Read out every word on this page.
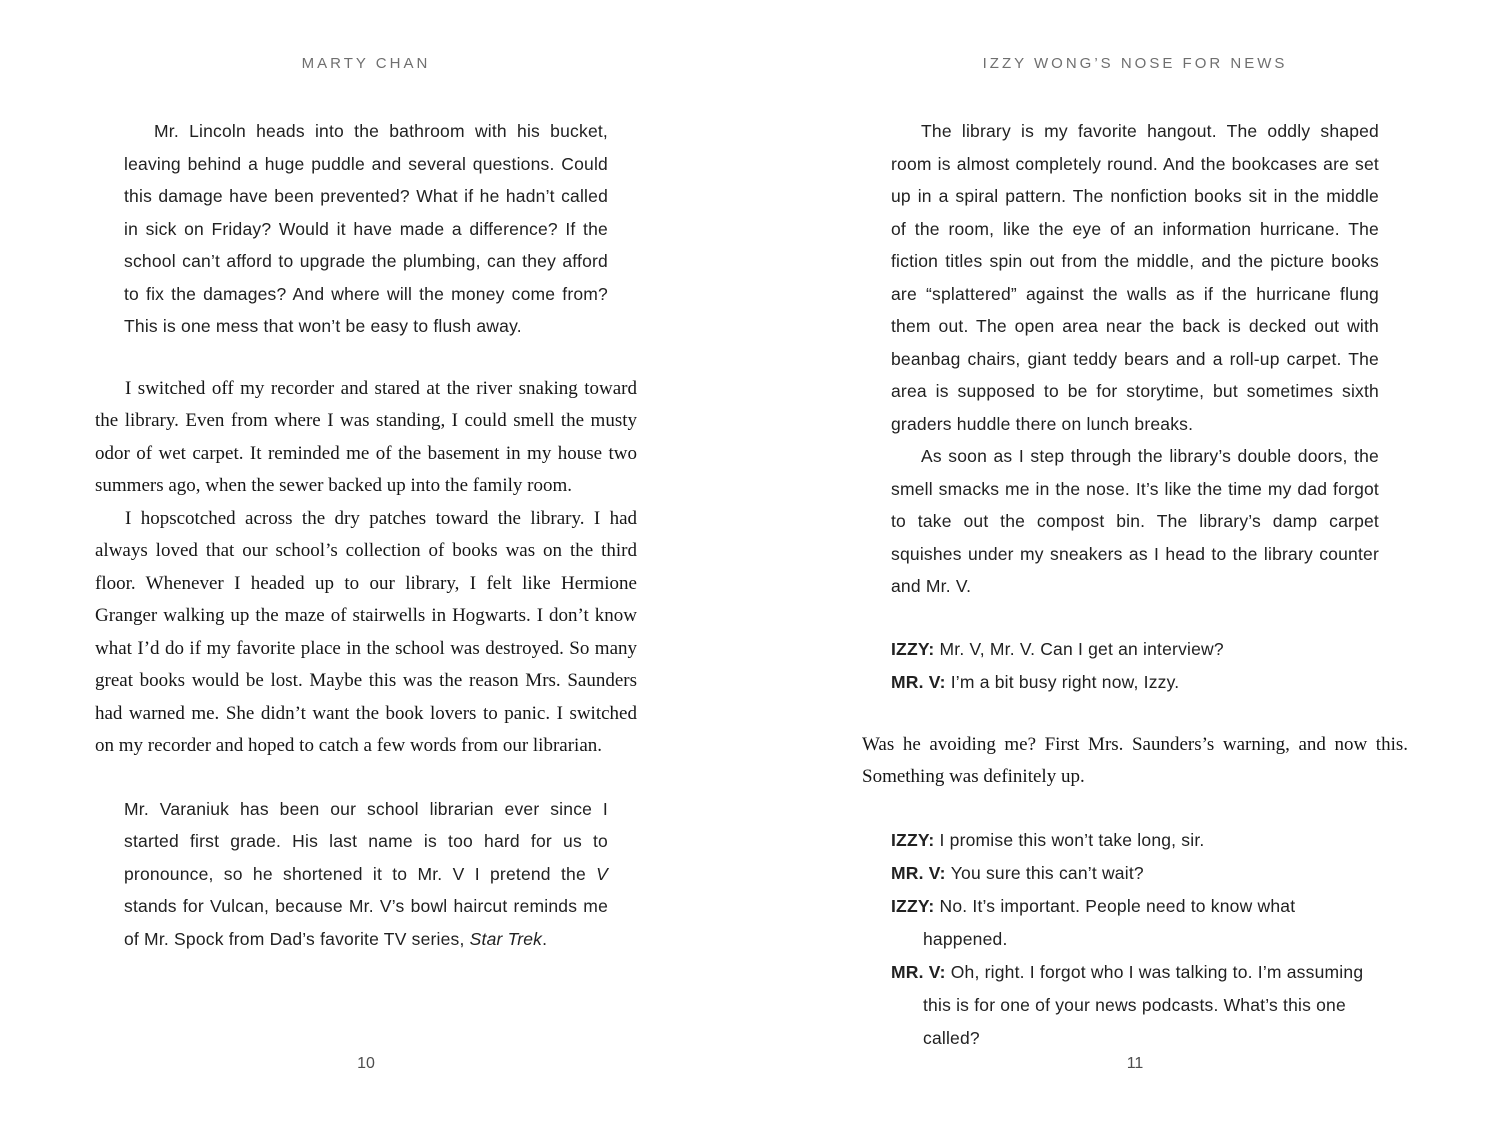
MARTY CHAN

Mr. Lincoln heads into the bathroom with his bucket, leaving behind a huge puddle and several questions. Could this damage have been prevented? What if he hadn’t called in sick on Friday? Would it have made a difference? If the school can’t afford to upgrade the plumbing, can they afford to fix the damages? And where will the money come from? This is one mess that won’t be easy to flush away.

I switched off my recorder and stared at the river snaking toward the library. Even from where I was standing, I could smell the musty odor of wet carpet. It reminded me of the basement in my house two summers ago, when the sewer backed up into the family room.

I hopscotched across the dry patches toward the library. I had always loved that our school’s collection of books was on the third floor. Whenever I headed up to our library, I felt like Hermione Granger walking up the maze of stairwells in Hogwarts. I don’t know what I’d do if my favorite place in the school was destroyed. So many great books would be lost. Maybe this was the reason Mrs. Saunders had warned me. She didn’t want the book lovers to panic. I switched on my recorder and hoped to catch a few words from our librarian.

Mr. Varaniuk has been our school librarian ever since I started first grade. His last name is too hard for us to pronounce, so he shortened it to Mr. V I pretend the V stands for Vulcan, because Mr. V’s bowl haircut reminds me of Mr. Spock from Dad’s favorite TV series, Star Trek.

10
IZZY WONG’S NOSE FOR NEWS

The library is my favorite hangout. The oddly shaped room is almost completely round. And the bookcases are set up in a spiral pattern. The nonfiction books sit in the middle of the room, like the eye of an information hurricane. The fiction titles spin out from the middle, and the picture books are “splattered” against the walls as if the hurricane flung them out. The open area near the back is decked out with beanbag chairs, giant teddy bears and a roll-up carpet. The area is supposed to be for storytime, but sometimes sixth graders huddle there on lunch breaks.

As soon as I step through the library’s double doors, the smell smacks me in the nose. It’s like the time my dad forgot to take out the compost bin. The library’s damp carpet squishes under my sneakers as I head to the library counter and Mr. V.

IZZY: Mr. V, Mr. V. Can I get an interview?

MR. V: I’m a bit busy right now, Izzy.

Was he avoiding me? First Mrs. Saunders’s warning, and now this. Something was definitely up.

IZZY: I promise this won’t take long, sir.

MR. V: You sure this can’t wait?

IZZY: No. It’s important. People need to know what happened.

MR. V: Oh, right. I forgot who I was talking to. I’m assuming this is for one of your news podcasts. What’s this one called?

11
